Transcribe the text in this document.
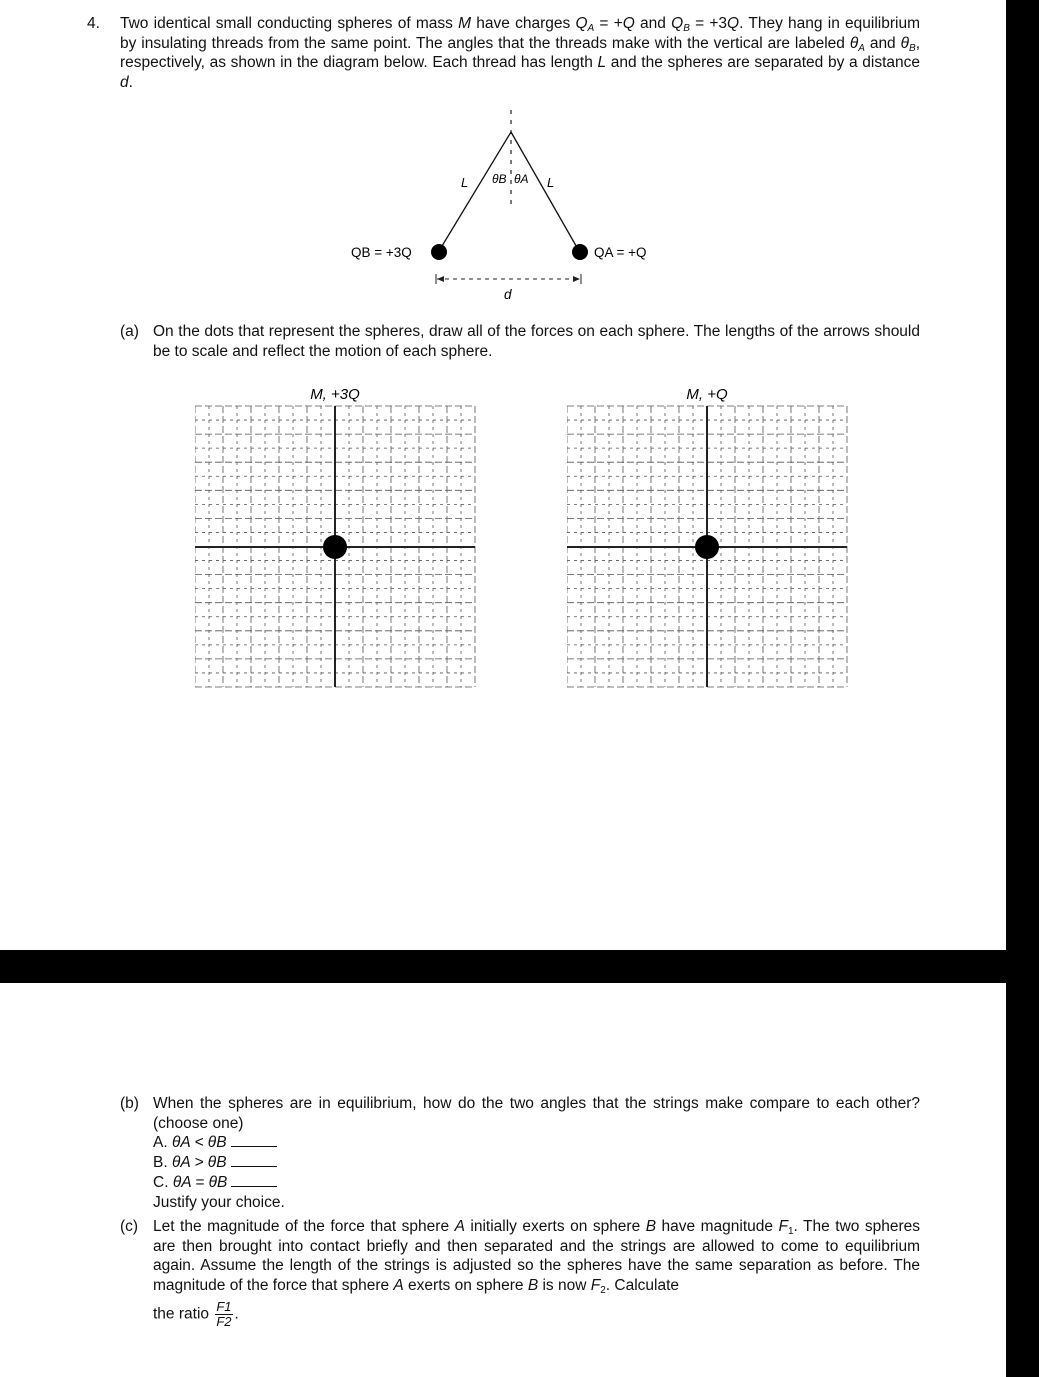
4. Two identical small conducting spheres of mass M have charges $Q_A = +Q$ and $Q_B = +3Q$. They hang in equilibrium by insulating threads from the same point. The angles that the threads make with the vertical are labeled $\theta_A$ and $\theta_B$, respectively, as shown in the diagram below. Each thread has length L and the spheres are separated by a distance d.
L	L
θB θA
QB = +3Q	QA = +Q
d
(a) On the dots that represent the spheres, draw all of the forces on each sphere. The lengths of the arrows should be to scale and reflect the motion of each sphere.
M, +3Q	M, +Q
(b) When the spheres are in equilibrium, how do the two angles that the strings make compare to each other? (choose one)
A. θA < θB
B. θA > θB
C. θA = θB
Justify your choice.
(c) Let the magnitude of the force that sphere A initially exerts on sphere B have magnitude $F_1$. The two spheres are then brought into contact briefly and then separated and the strings are allowed to come to equilibrium again. Assume the length of the strings is adjusted so the spheres have the same separation as before. The magnitude of the force that sphere A exerts on sphere B is now $F_2$. Calculate
the ratio $\frac{F1}{F2}$ .
